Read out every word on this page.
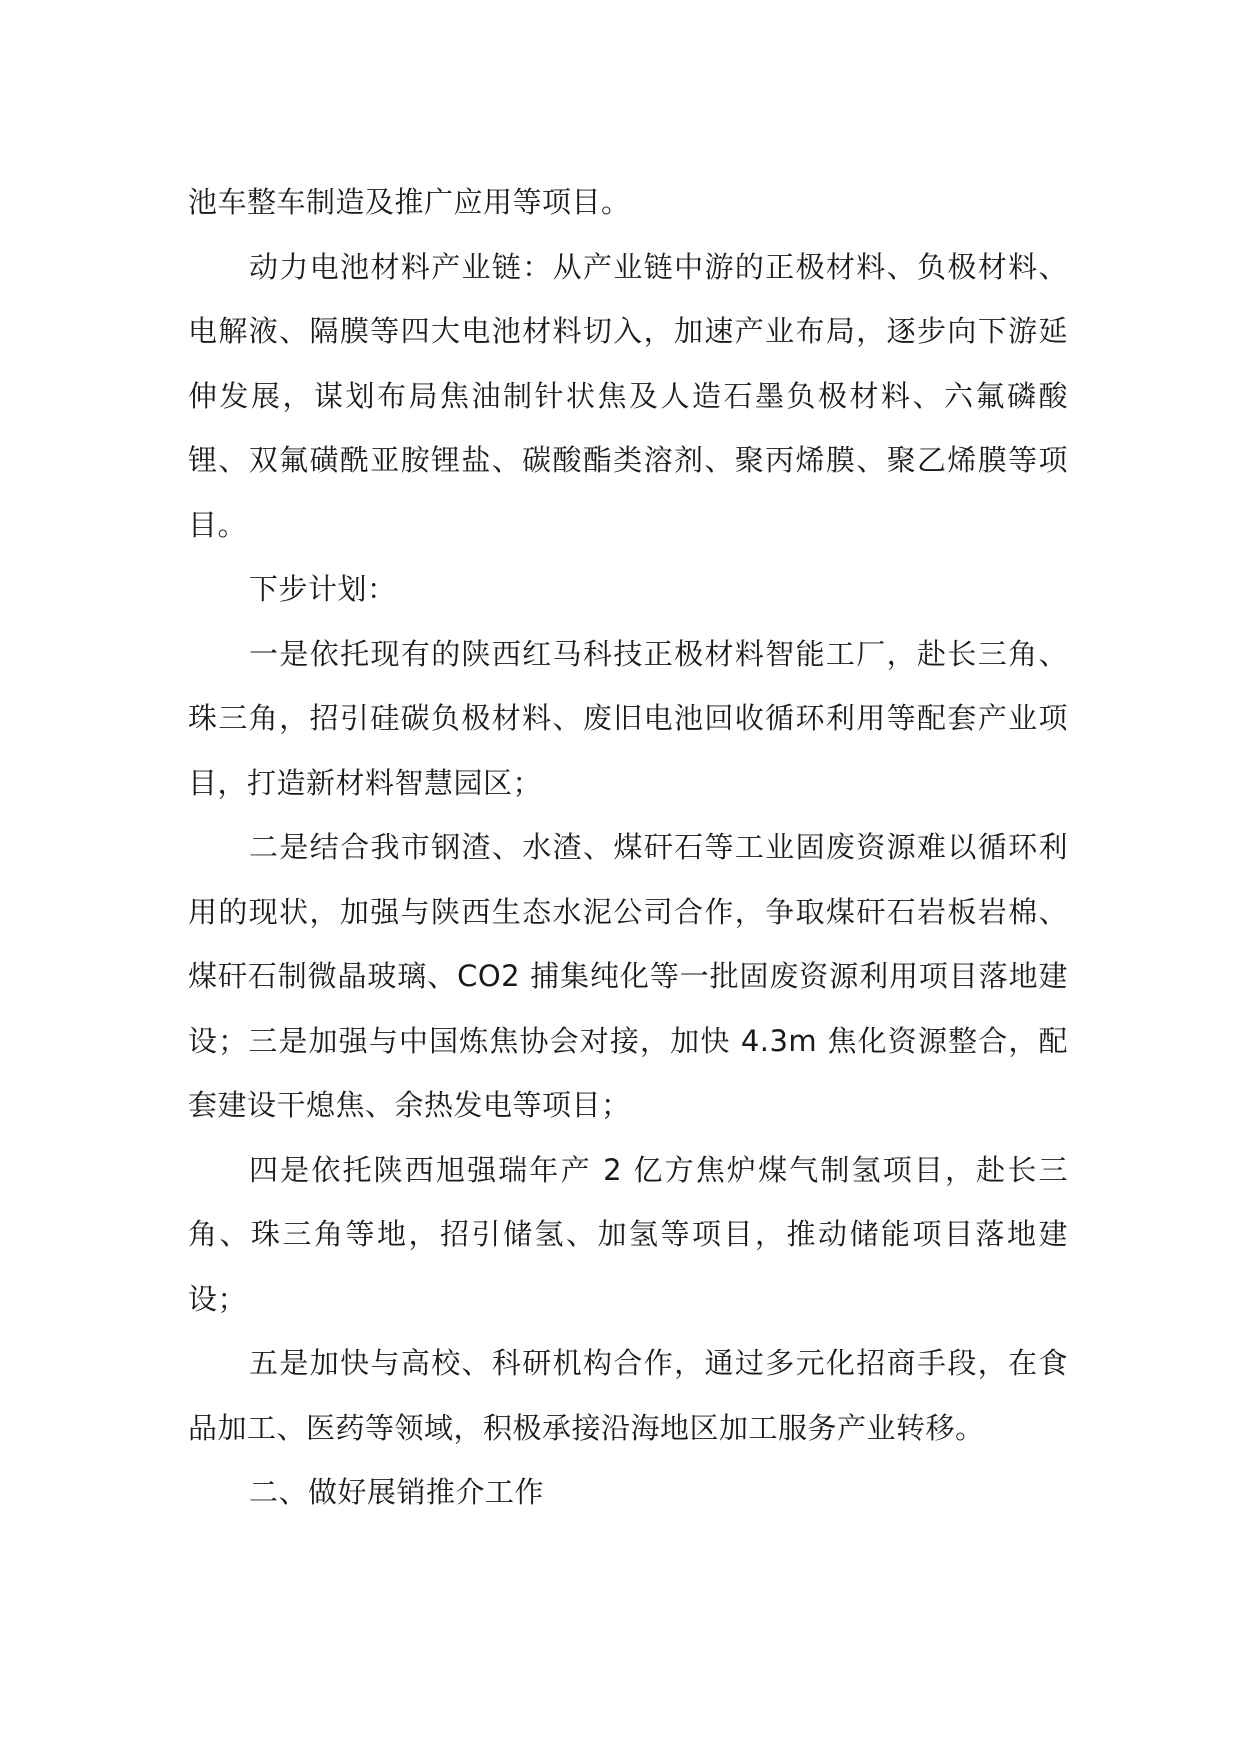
池车整车制造及推广应用等项目。

动力电池材料产业链：从产业链中游的正极材料、负极材料、电解液、隔膜等四大电池材料切入，加速产业布局，逐步向下游延伸发展，谋划布局焦油制针状焦及人造石墨负极材料、六氟磷酸锂、双氟磺酰亚胺锂盐、碳酸酯类溶剂、聚丙烯膜、聚乙烯膜等项目。

下步计划：

一是依托现有的陕西红马科技正极材料智能工厂，赴长三角、珠三角，招引硅碳负极材料、废旧电池回收循环利用等配套产业项目，打造新材料智慧园区；

二是结合我市钢渣、水渣、煤矸石等工业固废资源难以循环利用的现状，加强与陕西生态水泥公司合作，争取煤矸石岩板岩棉、煤矸石制微晶玻璃、CO2 捕集纯化等一批固废资源利用项目落地建设；三是加强与中国炼焦协会对接，加快 4.3m 焦化资源整合，配套建设干熄焦、余热发电等项目；

四是依托陕西旭强瑞年产 2 亿方焦炉煤气制氢项目，赴长三角、珠三角等地，招引储氢、加氢等项目，推动储能项目落地建设；

五是加快与高校、科研机构合作，通过多元化招商手段，在食品加工、医药等领域，积极承接沿海地区加工服务产业转移。

二、做好展销推介工作
